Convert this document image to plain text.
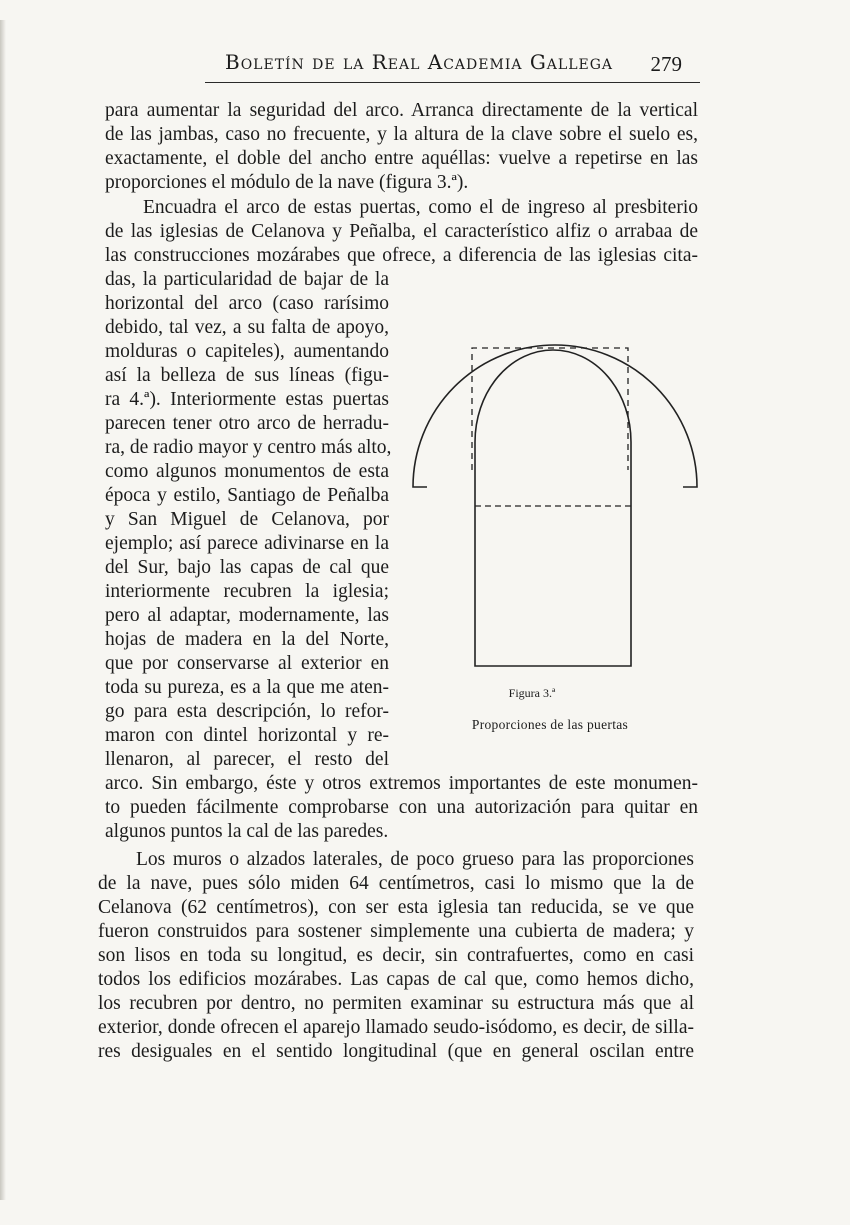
Boletín de la Real Academia Gallega 279
para aumentar la seguridad del arco. Arranca directamente de la vertical
de las jambas, caso no frecuente, y la altura de la clave sobre el suelo es,
exactamente, el doble del ancho entre aquéllas: vuelve a repetirse en las
proporciones el módulo de la nave (figura 3.ª).
Encuadra el arco de estas puertas, como el de ingreso al presbiterio
de las iglesias de Celanova y Peñalba, el característico alfiz o arrabaa de
las construcciones mozárabes que ofrece, a diferencia de las iglesias cita-
das, la particularidad de bajar de la
horizontal del arco (caso rarísimo
debido, tal vez, a su falta de apoyo,
molduras o capiteles), aumentando
así la belleza de sus líneas (figu-
ra 4.ª). Interiormente estas puertas
parecen tener otro arco de herradu-
ra, de radio mayor y centro más alto,
como algunos monumentos de esta
época y estilo, Santiago de Peñalba
y San Miguel de Celanova, por
ejemplo; así parece adivinarse en la
del Sur, bajo las capas de cal que
interiormente recubren la iglesia;
pero al adaptar, modernamente, las
hojas de madera en la del Norte,
que por conservarse al exterior en
toda su pureza, es a la que me aten-
go para esta descripción, lo refor-
maron con dintel horizontal y re-
llenaron, al parecer, el resto del
arco. Sin embargo, éste y otros extremos importantes de este monumen-
to pueden fácilmente comprobarse con una autorización para quitar en
algunos puntos la cal de las paredes.
Los muros o alzados laterales, de poco grueso para las proporciones
de la nave, pues sólo miden 64 centímetros, casi lo mismo que la de
Celanova (62 centímetros), con ser esta iglesia tan reducida, se ve que
fueron construidos para sostener simplemente una cubierta de madera; y
son lisos en toda su longitud, es decir, sin contrafuertes, como en casi
todos los edificios mozárabes. Las capas de cal que, como hemos dicho,
los recubren por dentro, no permiten examinar su estructura más que al
exterior, donde ofrecen el aparejo llamado seudo-isódomo, es decir, de silla-
res desiguales en el sentido longitudinal (que en general oscilan entre
Figura 3.ª
Proporciones de las puertas
